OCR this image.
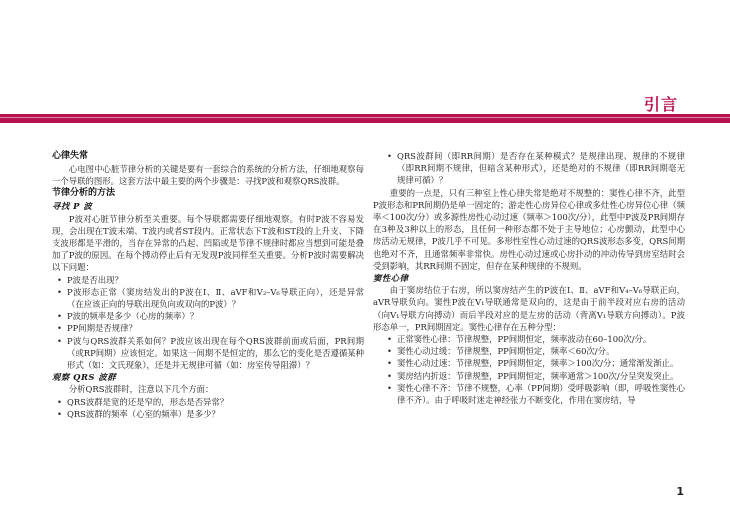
引言

心律失常

心电图中心脏节律分析的关键是要有一套综合的系统的分析方法，仔细地观察每一个导联的图形。这套方法中最主要的两个步骤是：寻找P波和观察QRS波群。

节律分析的方法

寻找 P 波

P波对心脏节律分析至关重要。每个导联都需要仔细地观察。有时P波不容易发现，会出现在T波末端、T波内或者ST段内。正常状态下T波和ST段的上升支、下降支波形都是平滑的，当存在异常的凸起、凹陷或是节律不规律时都应当想到可能是叠加了P波的原因。在每个搏动停止后有无发现P波同样至关重要。分析P波时需要解决以下问题：

• P波是否出现？
• P波形态正常（窦房结发出的P波在Ⅰ、Ⅱ、aVF和V₂–V₆导联正向），还是异常（在应该正向的导联出现负向或双向的P波）？
• P波的频率是多少（心房的频率）？
• PP间期是否规律？
• P波与QRS波群关系如何？P波应该出现在每个QRS波群前面或后面，PR间期（或RP间期）应该恒定。如果这一间期不是恒定的，那么它的变化是否遵循某种形式（如：文氏现象），还是并无规律可循（如：房室传导阻滞）？

观察 QRS 波群

分析QRS波群时，注意以下几个方面：

• QRS波群是宽的还是窄的，形态是否异常？
• QRS波群的频率（心室的频率）是多少？
• QRS波群间（即RR间期）是否存在某种模式？是规律出现、规律的不规律（即RR间期不规律，但暗含某种形式），还是绝对的不规律（即RR间期毫无规律可循）？

重要的一点是，只有三种室上性心律失常是绝对不规整的：窦性心律不齐，此型P波形态和PR间期仍是单一固定的；游走性心房异位心律或多灶性心房异位心律（频率＜100次/分）或多源性房性心动过速（频率＞100次/分），此型中P波及PR间期存在3种及3种以上的形态，且任何一种形态都不处于主导地位；心房颤动，此型中心房活动无规律，P波几乎不可见。多形性室性心动过速的QRS波形态多变，QRS间期也绝对不齐，且通常频率非常快。房性心动过速或心房扑动的冲动传导到房室结时会受到影响，其RR间期不固定，但存在某种规律的不规则。

窦性心律

由于窦房结位于右房，所以窦房结产生的P波在Ⅰ、Ⅱ、aVF和V₄–V₆导联正向，aVR导联负向。窦性P波在V₁导联通常是双向的，这是由于前半段对应右房的活动（向V₁导联方向搏动）而后半段对应的是左房的活动（背离V₁导联方向搏动）。P波形态单一，PR间期固定。窦性心律存在五种分型：

• 正常窦性心律：节律规整，PP间期恒定，频率波动在60–100次/分。
• 窦性心动过缓：节律规整，PP间期恒定，频率＜60次/分。
• 窦性心动过速：节律规整，PP间期恒定，频率＞100次/分；通常渐发渐止。
• 窦房结内折返：节律规整，PP间期恒定，频率通常＞100次/分呈突发突止。
• 窦性心律不齐：节律不规整，心率（PP间期）受呼吸影响（即，呼吸性窦性心律不齐）。由于呼吸时迷走神经张力不断变化，作用在窦房结，导
1
